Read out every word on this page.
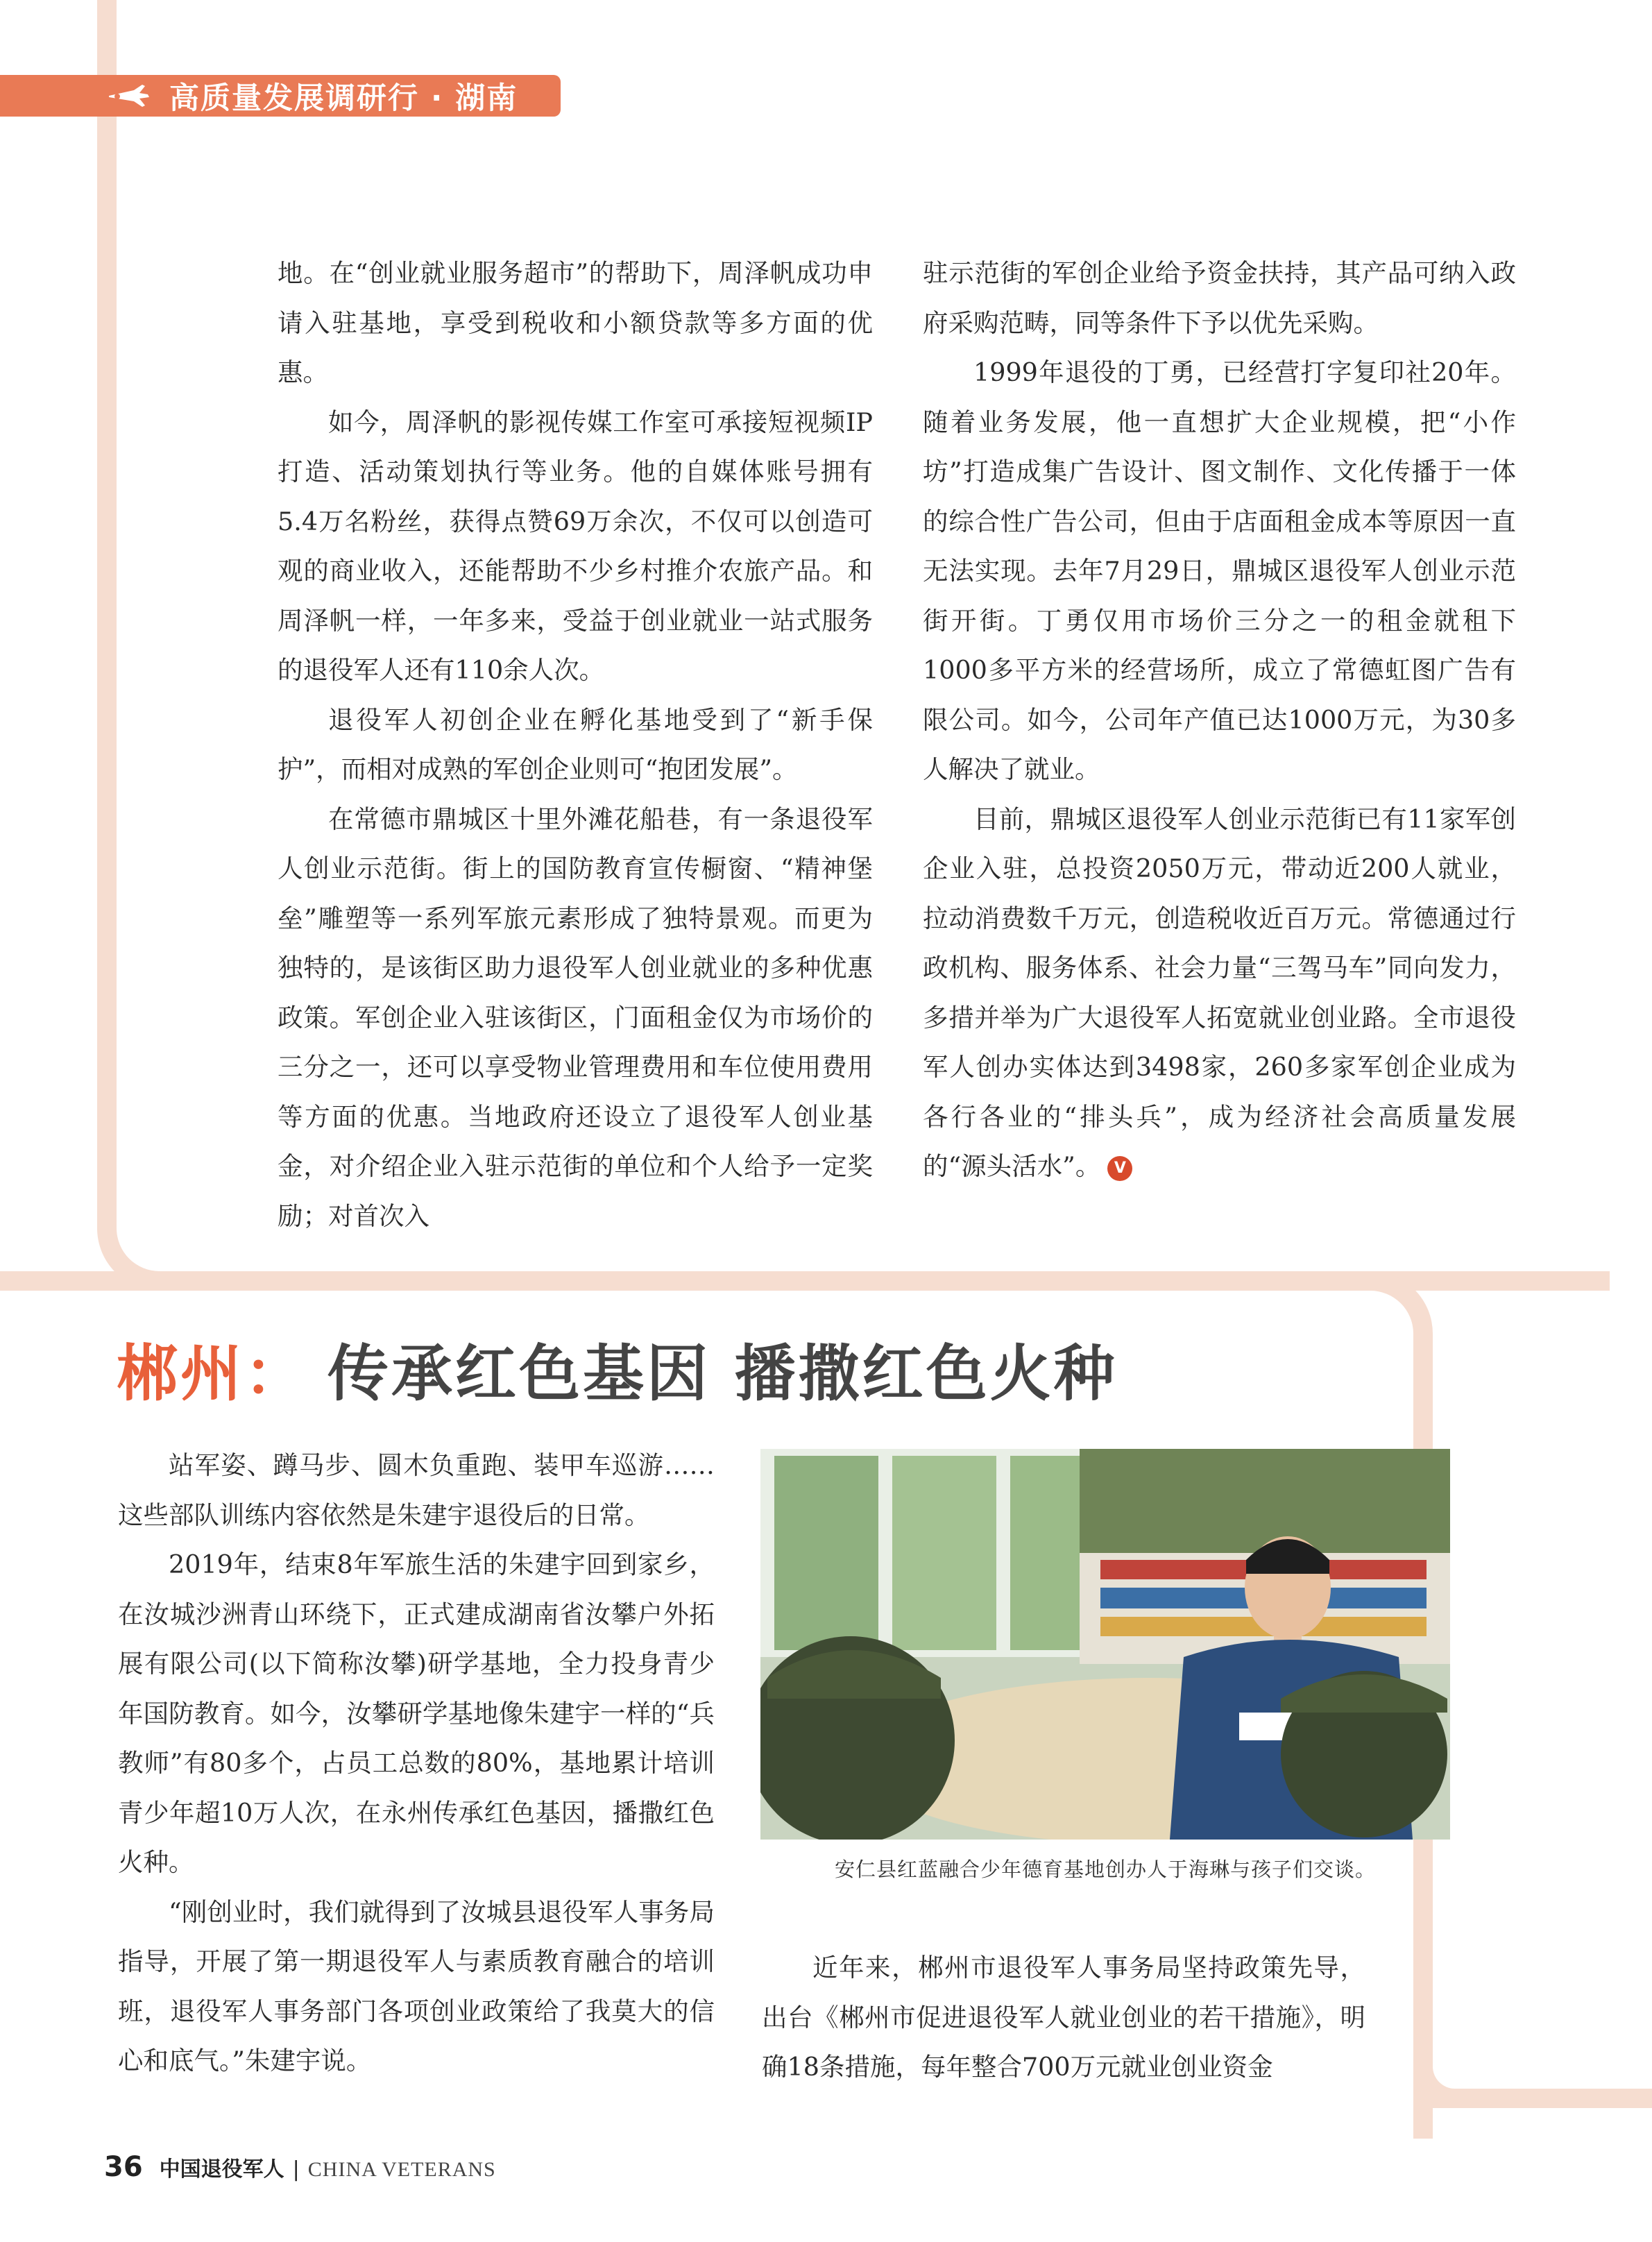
高质量发展调研行 · 湖南

地。在“创业就业服务超市”的帮助下，周泽帆成功申请入驻基地，享受到税收和小额贷款等多方面的优惠。

如今，周泽帆的影视传媒工作室可承接短视频IP打造、活动策划执行等业务。他的自媒体账号拥有5.4万名粉丝，获得点赞69万余次，不仅可以创造可观的商业收入，还能帮助不少乡村推介农旅产品。和周泽帆一样，一年多来，受益于创业就业一站式服务的退役军人还有110余人次。

退役军人初创企业在孵化基地受到了“新手保护”，而相对成熟的军创企业则可“抱团发展”。

在常德市鼎城区十里外滩花船巷，有一条退役军人创业示范街。街上的国防教育宣传橱窗、“精神堡垒”雕塑等一系列军旅元素形成了独特景观。而更为独特的，是该街区助力退役军人创业就业的多种优惠政策。军创企业入驻该街区，门面租金仅为市场价的三分之一，还可以享受物业管理费用和车位使用费用等方面的优惠。当地政府还设立了退役军人创业基金，对介绍企业入驻示范街的单位和个人给予一定奖励；对首次入

驻示范街的军创企业给予资金扶持，其产品可纳入政府采购范畴，同等条件下予以优先采购。

1999年退役的丁勇，已经营打字复印社20年。随着业务发展，他一直想扩大企业规模，把“小作坊”打造成集广告设计、图文制作、文化传播于一体的综合性广告公司，但由于店面租金成本等原因一直无法实现。去年7月29日，鼎城区退役军人创业示范街开街。丁勇仅用市场价三分之一的租金就租下1000多平方米的经营场所，成立了常德虹图广告有限公司。如今，公司年产值已达1000万元，为30多人解决了就业。

目前，鼎城区退役军人创业示范街已有11家军创企业入驻，总投资2050万元，带动近200人就业，拉动消费数千万元，创造税收近百万元。常德通过行政机构、服务体系、社会力量“三驾马车”同向发力，多措并举为广大退役军人拓宽就业创业路。全市退役军人创办实体达到3498家，260多家军创企业成为各行各业的“排头兵”，成为经济社会高质量发展的“源头活水”。 V

郴州： 传承红色基因 播撒红色火种

站军姿、蹲马步、圆木负重跑、装甲车巡游……这些部队训练内容依然是朱建宇退役后的日常。

2019年，结束8年军旅生活的朱建宇回到家乡，在汝城沙洲青山环绕下，正式建成湖南省汝攀户外拓展有限公司(以下简称汝攀)研学基地，全力投身青少年国防教育。如今，汝攀研学基地像朱建宇一样的“兵教师”有80多个，占员工总数的80%，基地累计培训青少年超10万人次，在永州传承红色基因，播撒红色火种。

“刚创业时，我们就得到了汝城县退役军人事务局指导，开展了第一期退役军人与素质教育融合的培训班，退役军人事务部门各项创业政策给了我莫大的信心和底气。”朱建宇说。

安仁县红蓝融合少年德育基地创办人于海琳与孩子们交谈。

近年来，郴州市退役军人事务局坚持政策先导，出台《郴州市促进退役军人就业创业的若干措施》，明确18条措施，每年整合700万元就业创业资金

36 中国退役军人 | CHINA VETERANS
